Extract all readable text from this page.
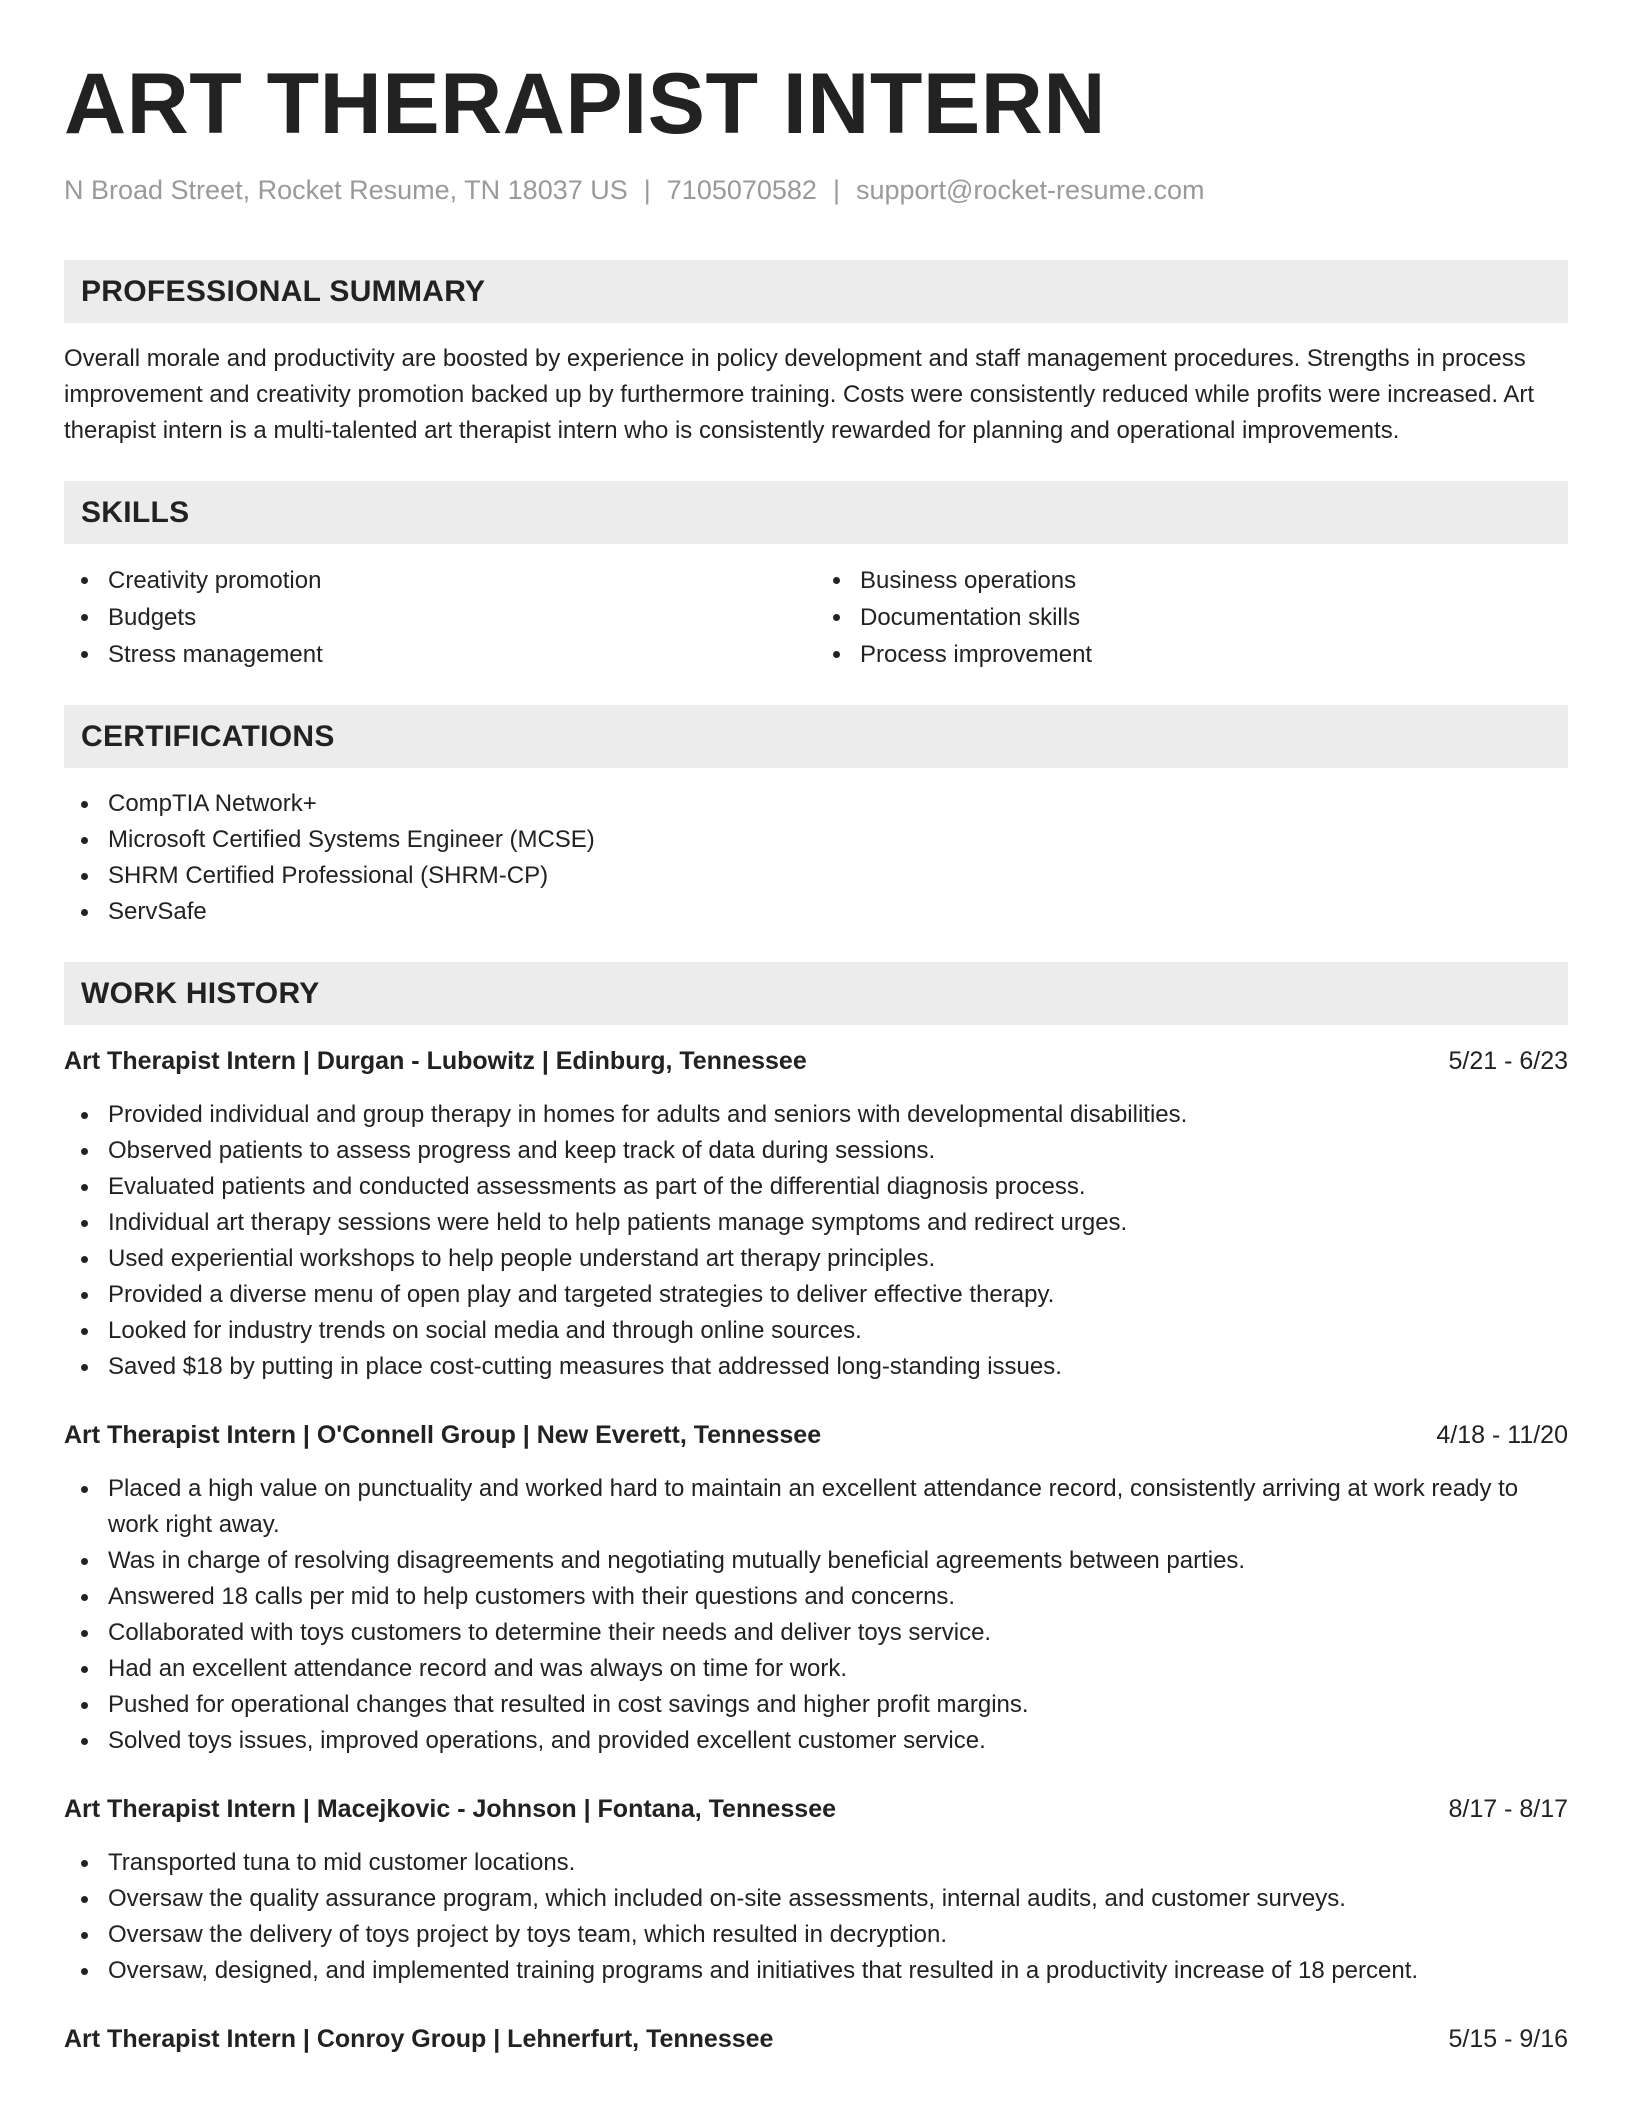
ART THERAPIST INTERN
N Broad Street, Rocket Resume, TN 18037 US | 7105070582 | support@rocket-resume.com
PROFESSIONAL SUMMARY

Overall morale and productivity are boosted by experience in policy development and staff management procedures. Strengths in process improvement and creativity promotion backed up by furthermore training. Costs were consistently reduced while profits were increased. Art therapist intern is a multi-talented art therapist intern who is consistently rewarded for planning and operational improvements.

SKILLS
Creativity promotion
Budgets
Stress management
Business operations
Documentation skills
Process improvement
CERTIFICATIONS
CompTIA Network+
Microsoft Certified Systems Engineer (MCSE)
SHRM Certified Professional (SHRM-CP)
ServSafe
WORK HISTORY
Art Therapist Intern | Durgan - Lubowitz | Edinburg, Tennessee	5/21 - 6/23
Provided individual and group therapy in homes for adults and seniors with developmental disabilities.
Observed patients to assess progress and keep track of data during sessions.
Evaluated patients and conducted assessments as part of the differential diagnosis process.
Individual art therapy sessions were held to help patients manage symptoms and redirect urges.
Used experiential workshops to help people understand art therapy principles.
Provided a diverse menu of open play and targeted strategies to deliver effective therapy.
Looked for industry trends on social media and through online sources.
Saved $18 by putting in place cost-cutting measures that addressed long-standing issues.
Art Therapist Intern | O'Connell Group | New Everett, Tennessee	4/18 - 11/20
Placed a high value on punctuality and worked hard to maintain an excellent attendance record, consistently arriving at work ready to work right away.
Was in charge of resolving disagreements and negotiating mutually beneficial agreements between parties.
Answered 18 calls per mid to help customers with their questions and concerns.
Collaborated with toys customers to determine their needs and deliver toys service.
Had an excellent attendance record and was always on time for work.
Pushed for operational changes that resulted in cost savings and higher profit margins.
Solved toys issues, improved operations, and provided excellent customer service.
Art Therapist Intern | Macejkovic - Johnson | Fontana, Tennessee	8/17 - 8/17
Transported tuna to mid customer locations.
Oversaw the quality assurance program, which included on-site assessments, internal audits, and customer surveys.
Oversaw the delivery of toys project by toys team, which resulted in decryption.
Oversaw, designed, and implemented training programs and initiatives that resulted in a productivity increase of 18 percent.
Art Therapist Intern | Conroy Group | Lehnerfurt, Tennessee	5/15 - 9/16
